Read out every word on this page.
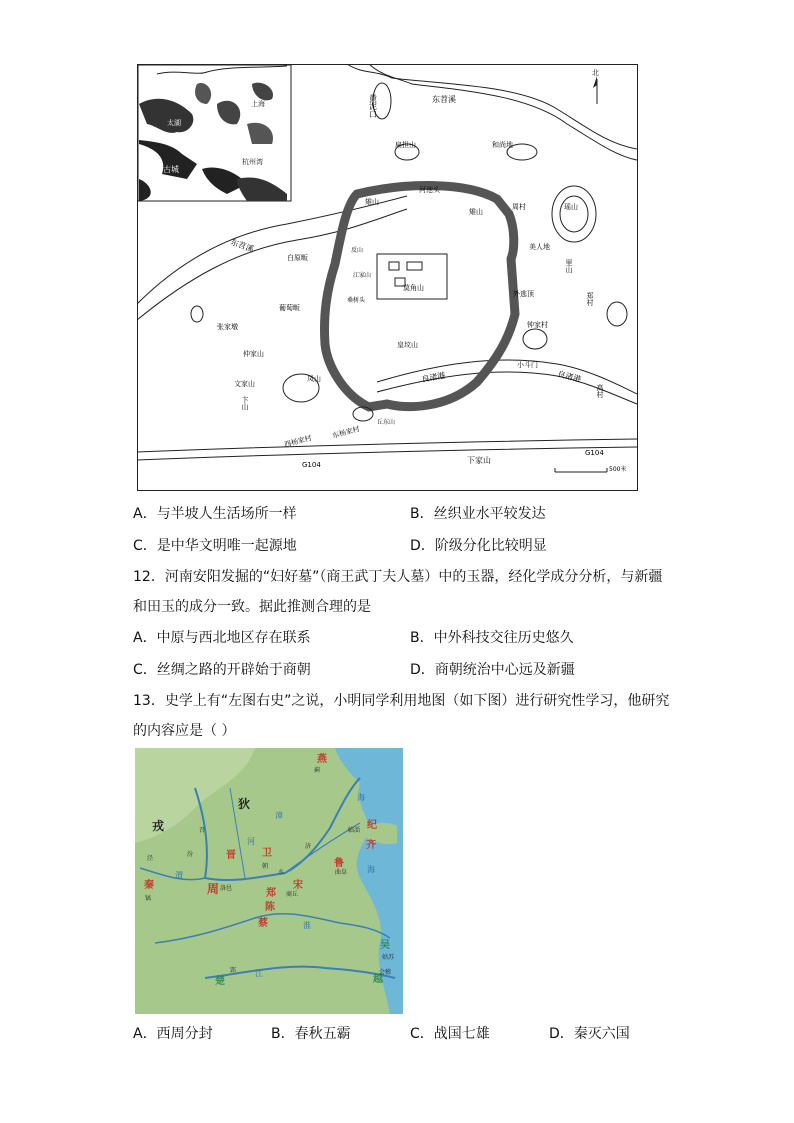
太湖
上海
良渚古城
杭州湾
北
黄泥口	东苕溪
扁担山	和尚地
河池头
雉山
雉山
周村	瑶山
美人地
里山
郑村
东苕溪
白原畈
反山
江家山
莫角山
葡萄畈
桑树头
外逃顶
张家墩	钟家村
皇坟山
仲家山
文家山
卞山
凤山	良渚港
小斗门
良渚港
高村
西杨家村
东杨家村
丘东山
G104
G104
下家山
500米
A．与半坡人生活场所一样	B．丝织业水平较发达
C．是中华文明唯一起源地	D．阶级分化比较明显
12．河南安阳发掘的“妇好墓”（商王武丁夫人墓）中的玉器，经化学成分分析，与新疆
和田玉的成分一致。据此推测合理的是
A．中原与西北地区存在联系	B．中外科技交往历史悠久
C．丝绸之路的开辟始于商朝	D．商朝统治中心远及新疆
13．史学上有“左图右史”之说，小明同学利用地图（如下图）进行研究性学习，他研究
的内容应是（ ）
燕
狄
戎
晋	卫
纪
齐
鲁
周	郑
宋
陈
蔡
秦
楚
吴
越
蓟
临淄
曲阜
洛邑
商丘
镐
郢	会稽
姑苏
朝
济
水
汾
泾
召
海
海
河
渭
江
淮
漳
A．西周分封	B．春秋五霸	C．战国七雄	D．秦灭六国
